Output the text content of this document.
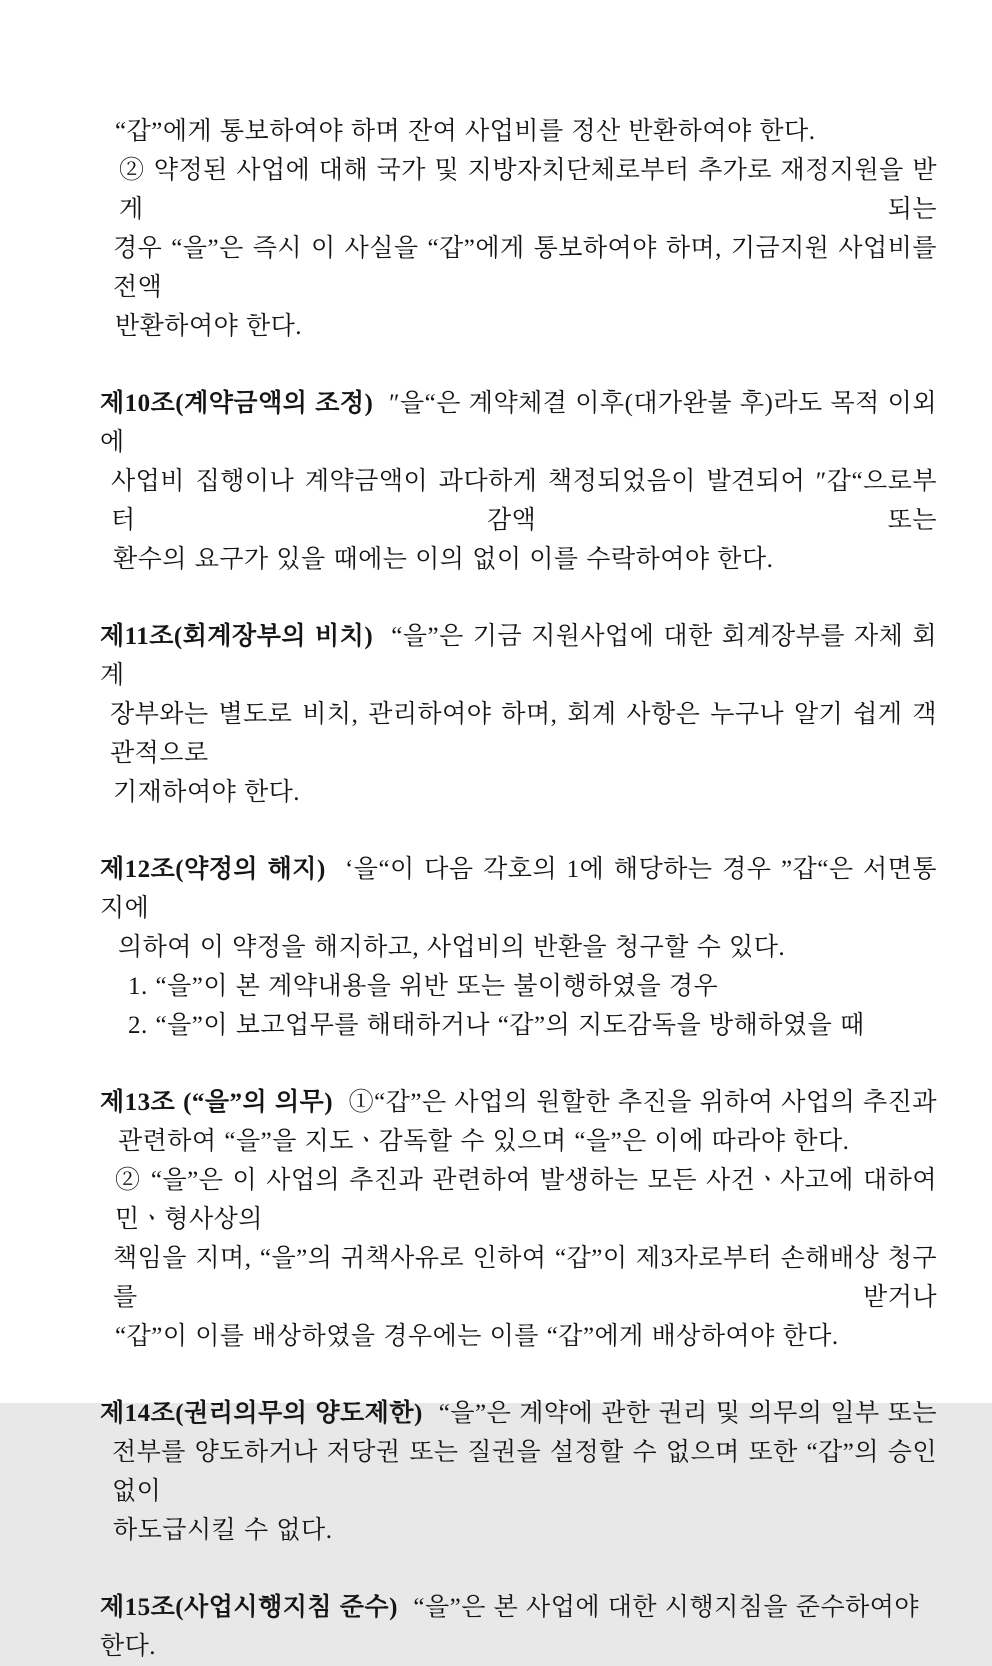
“갑”에게 통보하여야 하며 잔여 사업비를 정산 반환하여야 한다.
② 약정된 사업에 대해 국가 및 지방자치단체로부터 추가로 재정지원을 받게 되는
경우 “을”은 즉시 이 사실을 “갑”에게 통보하여야 하며, 기금지원 사업비를 전액
반환하여야 한다.
제10조(계약금액의 조정)  ″을“은 계약체결 이후(대가완불 후)라도 목적 이외에
사업비 집행이나 계약금액이 과다하게 책정되었음이 발견되어 ″갑“으로부터 감액 또는
환수의 요구가 있을 때에는 이의 없이 이를 수락하여야 한다.
제11조(회계장부의 비치)  “을”은 기금 지원사업에 대한 회계장부를 자체 회계
장부와는 별도로 비치, 관리하여야 하며, 회계 사항은 누구나 알기 쉽게 객관적으로
기재하여야 한다.
제12조(약정의 해지)  ‘을“이 다음 각호의 1에 해당하는 경우 ”갑“은 서면통지에
의하여 이 약정을 해지하고, 사업비의 반환을 청구할 수 있다.
1. “을”이 본 계약내용을 위반 또는 불이행하였을 경우
2. “을”이 보고업무를 해태하거나 “갑”의 지도감독을 방해하였을 때
제13조 (“을”의 의무)  ①“갑”은 사업의 원할한 추진을 위하여 사업의 추진과
관련하여 “을”을 지도ㆍ감독할 수 있으며 “을”은 이에 따라야 한다.
② “을”은 이 사업의 추진과 관련하여 발생하는 모든 사건ㆍ사고에 대하여 민ㆍ형사상의
책임을 지며, “을”의 귀책사유로 인하여 “갑”이 제3자로부터 손해배상 청구를 받거나
“갑”이 이를 배상하였을 경우에는 이를 “갑”에게 배상하여야 한다.
제14조(권리의무의 양도제한)  “을”은 계약에 관한 권리 및 의무의 일부 또는
전부를 양도하거나 저당권 또는 질권을 설정할 수 없으며 또한 “갑”의 승인없이
하도급시킬 수 없다.
제15조(사업시행지침 준수)  “을”은 본 사업에 대한 시행지침을 준수하여야 한다.
